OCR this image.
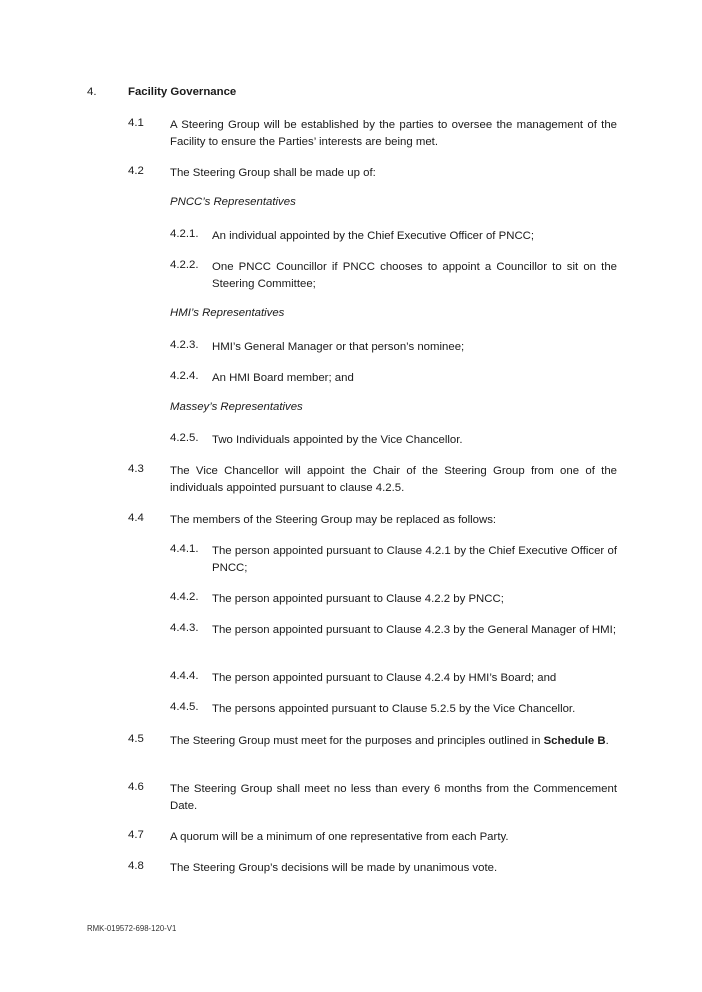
4.	Facility Governance
4.1 A Steering Group will be established by the parties to oversee the management of the Facility to ensure the Parties’ interests are being met.
4.2 The Steering Group shall be made up of:
PNCC’s Representatives
4.2.1. An individual appointed by the Chief Executive Officer of PNCC;
4.2.2. One PNCC Councillor if PNCC chooses to appoint a Councillor to sit on the Steering Committee;
HMI’s Representatives
4.2.3. HMI’s General Manager or that person’s nominee;
4.2.4. An HMI Board member; and
Massey’s Representatives
4.2.5. Two Individuals appointed by the Vice Chancellor.
4.3 The Vice Chancellor will appoint the Chair of the Steering Group from one of the individuals appointed pursuant to clause 4.2.5.
4.4 The members of the Steering Group may be replaced as follows:
4.4.1. The person appointed pursuant to Clause 4.2.1 by the Chief Executive Officer of PNCC;
4.4.2. The person appointed pursuant to Clause 4.2.2 by PNCC;
4.4.3. The person appointed pursuant to Clause 4.2.3 by the General Manager of HMI;
4.4.4. The person appointed pursuant to Clause 4.2.4 by HMI’s Board; and
4.4.5. The persons appointed pursuant to Clause 5.2.5 by the Vice Chancellor.
4.5 The Steering Group must meet for the purposes and principles outlined in Schedule B.
4.6 The Steering Group shall meet no less than every 6 months from the Commencement Date.
4.7 A quorum will be a minimum of one representative from each Party.
4.8 The Steering Group’s decisions will be made by unanimous vote.
RMK-019572-698-120-V1
